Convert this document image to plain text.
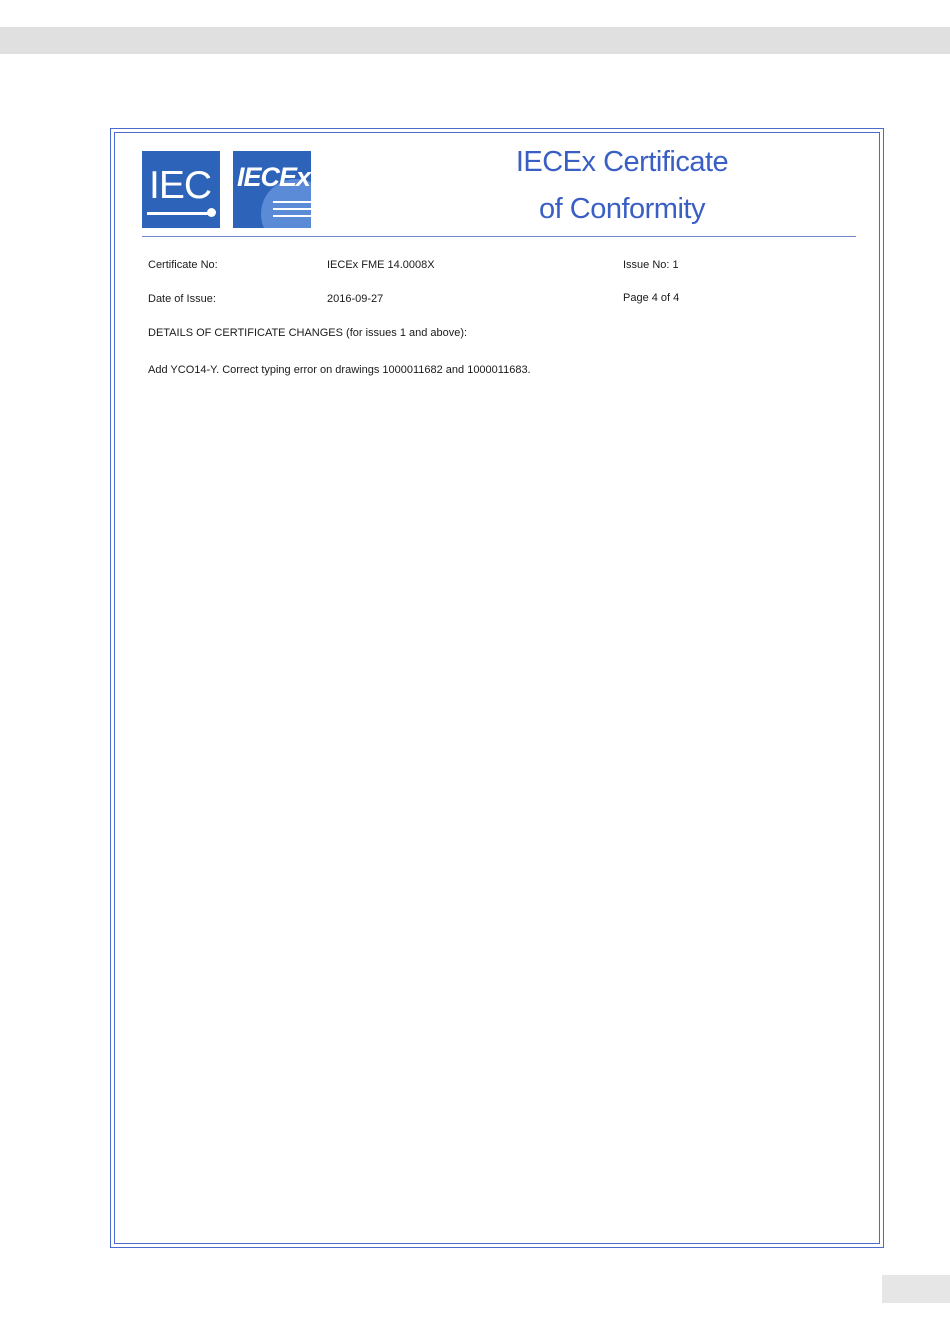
IEC IECEx	IECEx Certificate
of Conformity
Certificate No:	IECEx FME 14.0008X	Issue No: 1
Date of Issue:	2016-09-27	Page 4 of 4
DETAILS OF CERTIFICATE CHANGES (for issues 1 and above):
Add YCO14-Y. Correct typing error on drawings 1000011682 and 1000011683.
